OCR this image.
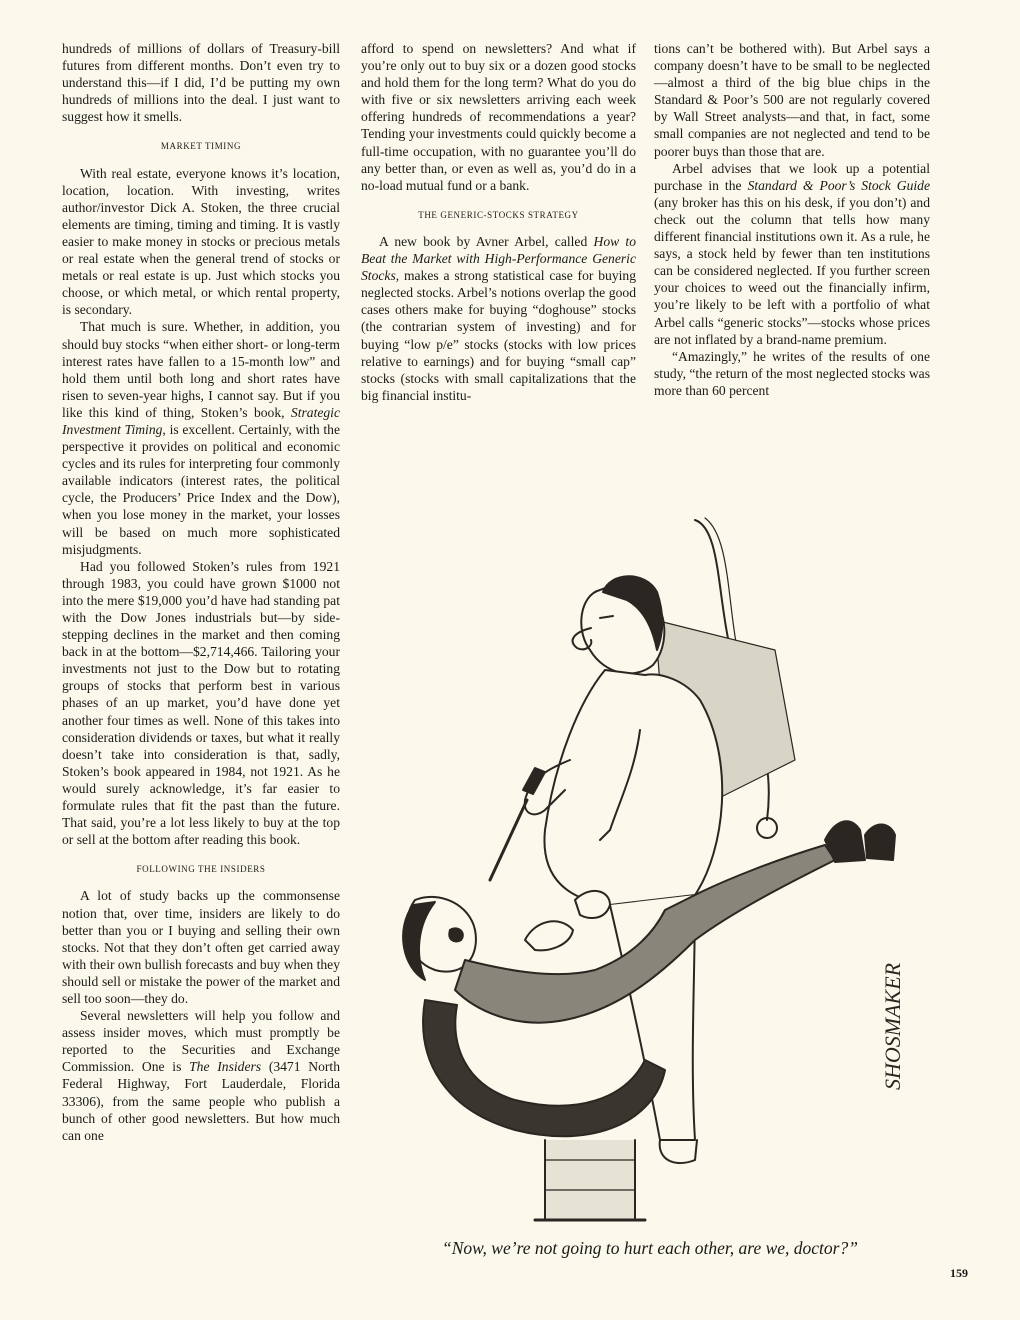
hundreds of millions of dollars of Treasury-bill futures from different months. Don’t even try to understand this—if I did, I’d be putting my own hundreds of millions into the deal. I just want to suggest how it smells.

MARKET TIMING

With real estate, everyone knows it’s location, location, location. With investing, writes author/investor Dick A. Stoken, the three crucial elements are timing, timing and timing. It is vastly easier to make money in stocks or precious metals or real estate when the general trend of stocks or metals or real estate is up. Just which stocks you choose, or which metal, or which rental property, is secondary.

That much is sure. Whether, in addition, you should buy stocks “when either short- or long-term interest rates have fallen to a 15-month low” and hold them until both long and short rates have risen to seven-year highs, I cannot say. But if you like this kind of thing, Stoken’s book, Strategic Investment Timing, is excellent. Certainly, with the perspective it provides on political and economic cycles and its rules for interpreting four commonly available indicators (interest rates, the political cycle, the Producers’ Price Index and the Dow), when you lose money in the market, your losses will be based on much more sophisticated misjudgments.

Had you followed Stoken’s rules from 1921 through 1983, you could have grown $1000 not into the mere $19,000 you’d have had standing pat with the Dow Jones industrials but—by side-stepping declines in the market and then coming back in at the bottom—$2,714,466. Tailoring your investments not just to the Dow but to rotating groups of stocks that perform best in various phases of an up market, you’d have done yet another four times as well. None of this takes into consideration dividends or taxes, but what it really doesn’t take into consideration is that, sadly, Stoken’s book appeared in 1984, not 1921. As he would surely acknowledge, it’s far easier to formulate rules that fit the past than the future. That said, you’re a lot less likely to buy at the top or sell at the bottom after reading this book.

FOLLOWING THE INSIDERS

A lot of study backs up the commonsense notion that, over time, insiders are likely to do better than you or I buying and selling their own stocks. Not that they don’t often get carried away with their own bullish forecasts and buy when they should sell or mistake the power of the market and sell too soon—they do.

Several newsletters will help you follow and assess insider moves, which must promptly be reported to the Securities and Exchange Commission. One is The Insiders (3471 North Federal Highway, Fort Lauderdale, Florida 33306), from the same people who publish a bunch of other good newsletters. But how much can one

afford to spend on newsletters? And what if you’re only out to buy six or a dozen good stocks and hold them for the long term? What do you do with five or six newsletters arriving each week offering hundreds of recommendations a year? Tending your investments could quickly become a full-time occupation, with no guarantee you’ll do any better than, or even as well as, you’d do in a no-load mutual fund or a bank.

THE GENERIC-STOCKS STRATEGY

A new book by Avner Arbel, called How to Beat the Market with High-Performance Generic Stocks, makes a strong statistical case for buying neglected stocks. Arbel’s notions overlap the good cases others make for buying “doghouse” stocks (the contrarian system of investing) and for buying “low p/e” stocks (stocks with low prices relative to earnings) and for buying “small cap” stocks (stocks with small capitalizations that the big financial institu-

tions can’t be bothered with). But Arbel says a company doesn’t have to be small to be neglected—almost a third of the big blue chips in the Standard & Poor’s 500 are not regularly covered by Wall Street analysts—and that, in fact, some small companies are not neglected and tend to be poorer buys than those that are.

Arbel advises that we look up a potential purchase in the Standard & Poor’s Stock Guide (any broker has this on his desk, if you don’t) and check out the column that tells how many different financial institutions own it. As a rule, he says, a stock held by fewer than ten institutions can be considered neglected. If you further screen your choices to weed out the financially infirm, you’re likely to be left with a portfolio of what Arbel calls “generic stocks”—stocks whose prices are not inflated by a brand-name premium.

“Amazingly,” he writes of the results of one study, “the return of the most neglected stocks was more than 60 percent

SHOSMAKER
“Now, we’re not going to hurt each other, are we, doctor?”
159
